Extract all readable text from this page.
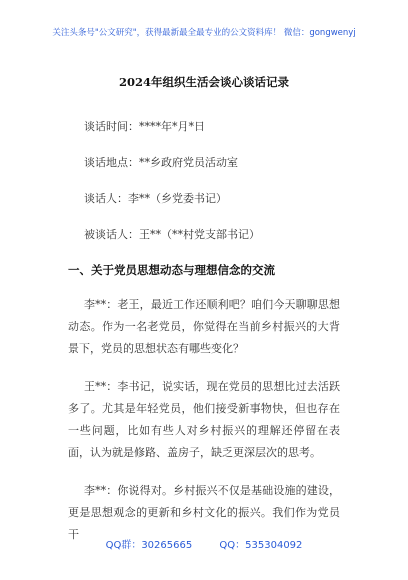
关注头条号"公文研究"，获得最新最全最专业的公文资料库！ 微信：gongwenyj
2024年组织生活会谈心谈话记录
谈话时间：****年*月*日
谈话地点：**乡政府党员活动室
谈话人：李**（乡党委书记）
被谈话人：王**（**村党支部书记）
一、关于党员思想动态与理想信念的交流

李**：老王，最近工作还顺利吧？咱们今天聊聊思想动态。作为一名老党员，你觉得在当前乡村振兴的大背景下，党员的思想状态有哪些变化？

王**：李书记，说实话，现在党员的思想比过去活跃多了。尤其是年轻党员，他们接受新事物快，但也存在一些问题，比如有些人对乡村振兴的理解还停留在表面，认为就是修路、盖房子，缺乏更深层次的思考。

李**：你说得对。乡村振兴不仅是基础设施的建设，更是思想观念的更新和乡村文化的振兴。我们作为党员干

QQ群：30265665	QQ：535304092
